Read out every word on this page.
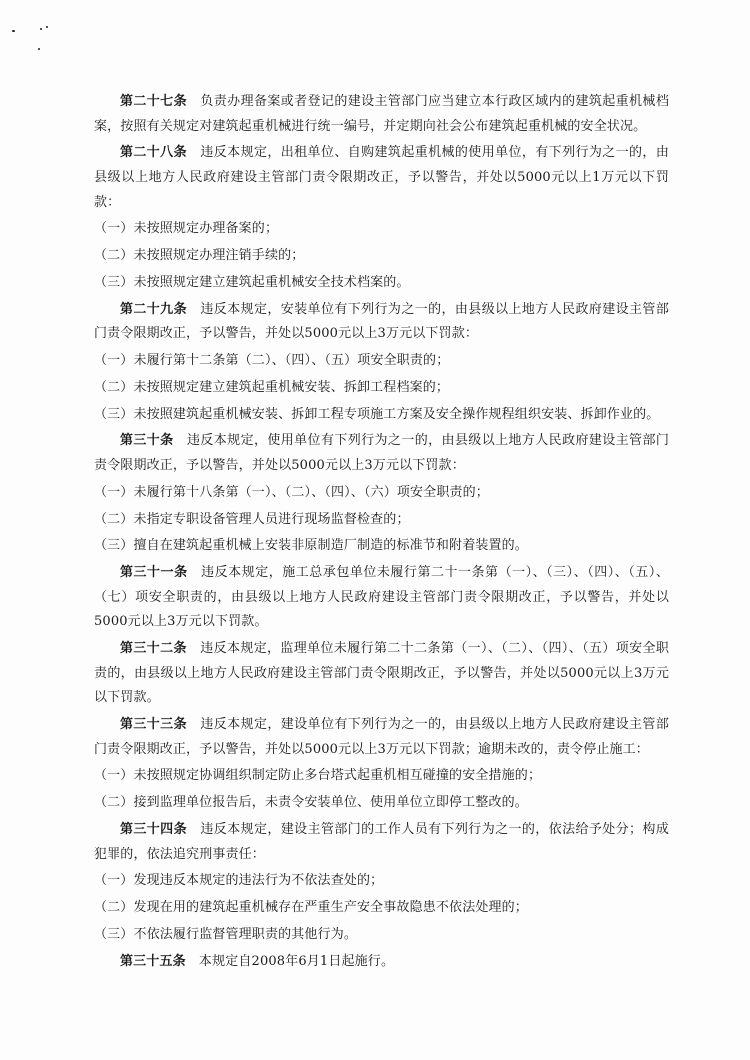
第二十七条　 负责办理备案或者登记的建设主管部门应当建立本行政区域内的建筑起重机械档案，按照有关规定对建筑起重机械进行统一编号，并定期向社会公布建筑起重机械的安全状况。

第二十八条　 违反本规定，出租单位、自购建筑起重机械的使用单位，有下列行为之一的，由县级以上地方人民政府建设主管部门责令限期改正，予以警告，并处以5000元以上1万元以下罚款：

（一）未按照规定办理备案的；

（二）未按照规定办理注销手续的；

（三）未按照规定建立建筑起重机械安全技术档案的。

第二十九条　 违反本规定，安装单位有下列行为之一的，由县级以上地方人民政府建设主管部门责令限期改正，予以警告，并处以5000元以上3万元以下罚款：

（一）未履行第十二条第（二）、（四）、（五）项安全职责的；

（二）未按照规定建立建筑起重机械安装、拆卸工程档案的；

（三）未按照建筑起重机械安装、拆卸工程专项施工方案及安全操作规程组织安装、拆卸作业的。

第三十条　 违反本规定，使用单位有下列行为之一的，由县级以上地方人民政府建设主管部门责令限期改正，予以警告，并处以5000元以上3万元以下罚款：

（一）未履行第十八条第（一）、（二）、（四）、（六）项安全职责的；

（二）未指定专职设备管理人员进行现场监督检查的；

（三）擅自在建筑起重机械上安装非原制造厂制造的标准节和附着装置的。

第三十一条　 违反本规定，施工总承包单位未履行第二十一条第（一）、（三）、（四）、（五）、（七）项安全职责的，由县级以上地方人民政府建设主管部门责令限期改正，予以警告，并处以5000元以上3万元以下罚款。

第三十二条　 违反本规定，监理单位未履行第二十二条第（一）、（二）、（四）、（五）项安全职责的，由县级以上地方人民政府建设主管部门责令限期改正，予以警告，并处以5000元以上3万元以下罚款。

第三十三条　 违反本规定，建设单位有下列行为之一的，由县级以上地方人民政府建设主管部门责令限期改正，予以警告，并处以5000元以上3万元以下罚款；逾期未改的，责令停止施工：

（一）未按照规定协调组织制定防止多台塔式起重机相互碰撞的安全措施的；

（二）接到监理单位报告后，未责令安装单位、使用单位立即停工整改的。

第三十四条　 违反本规定，建设主管部门的工作人员有下列行为之一的，依法给予处分；构成犯罪的，依法追究刑事责任：

（一）发现违反本规定的违法行为不依法查处的；

（二）发现在用的建筑起重机械存在严重生产安全事故隐患不依法处理的；

（三）不依法履行监督管理职责的其他行为。

第三十五条　 本规定自2008年6月1日起施行。
